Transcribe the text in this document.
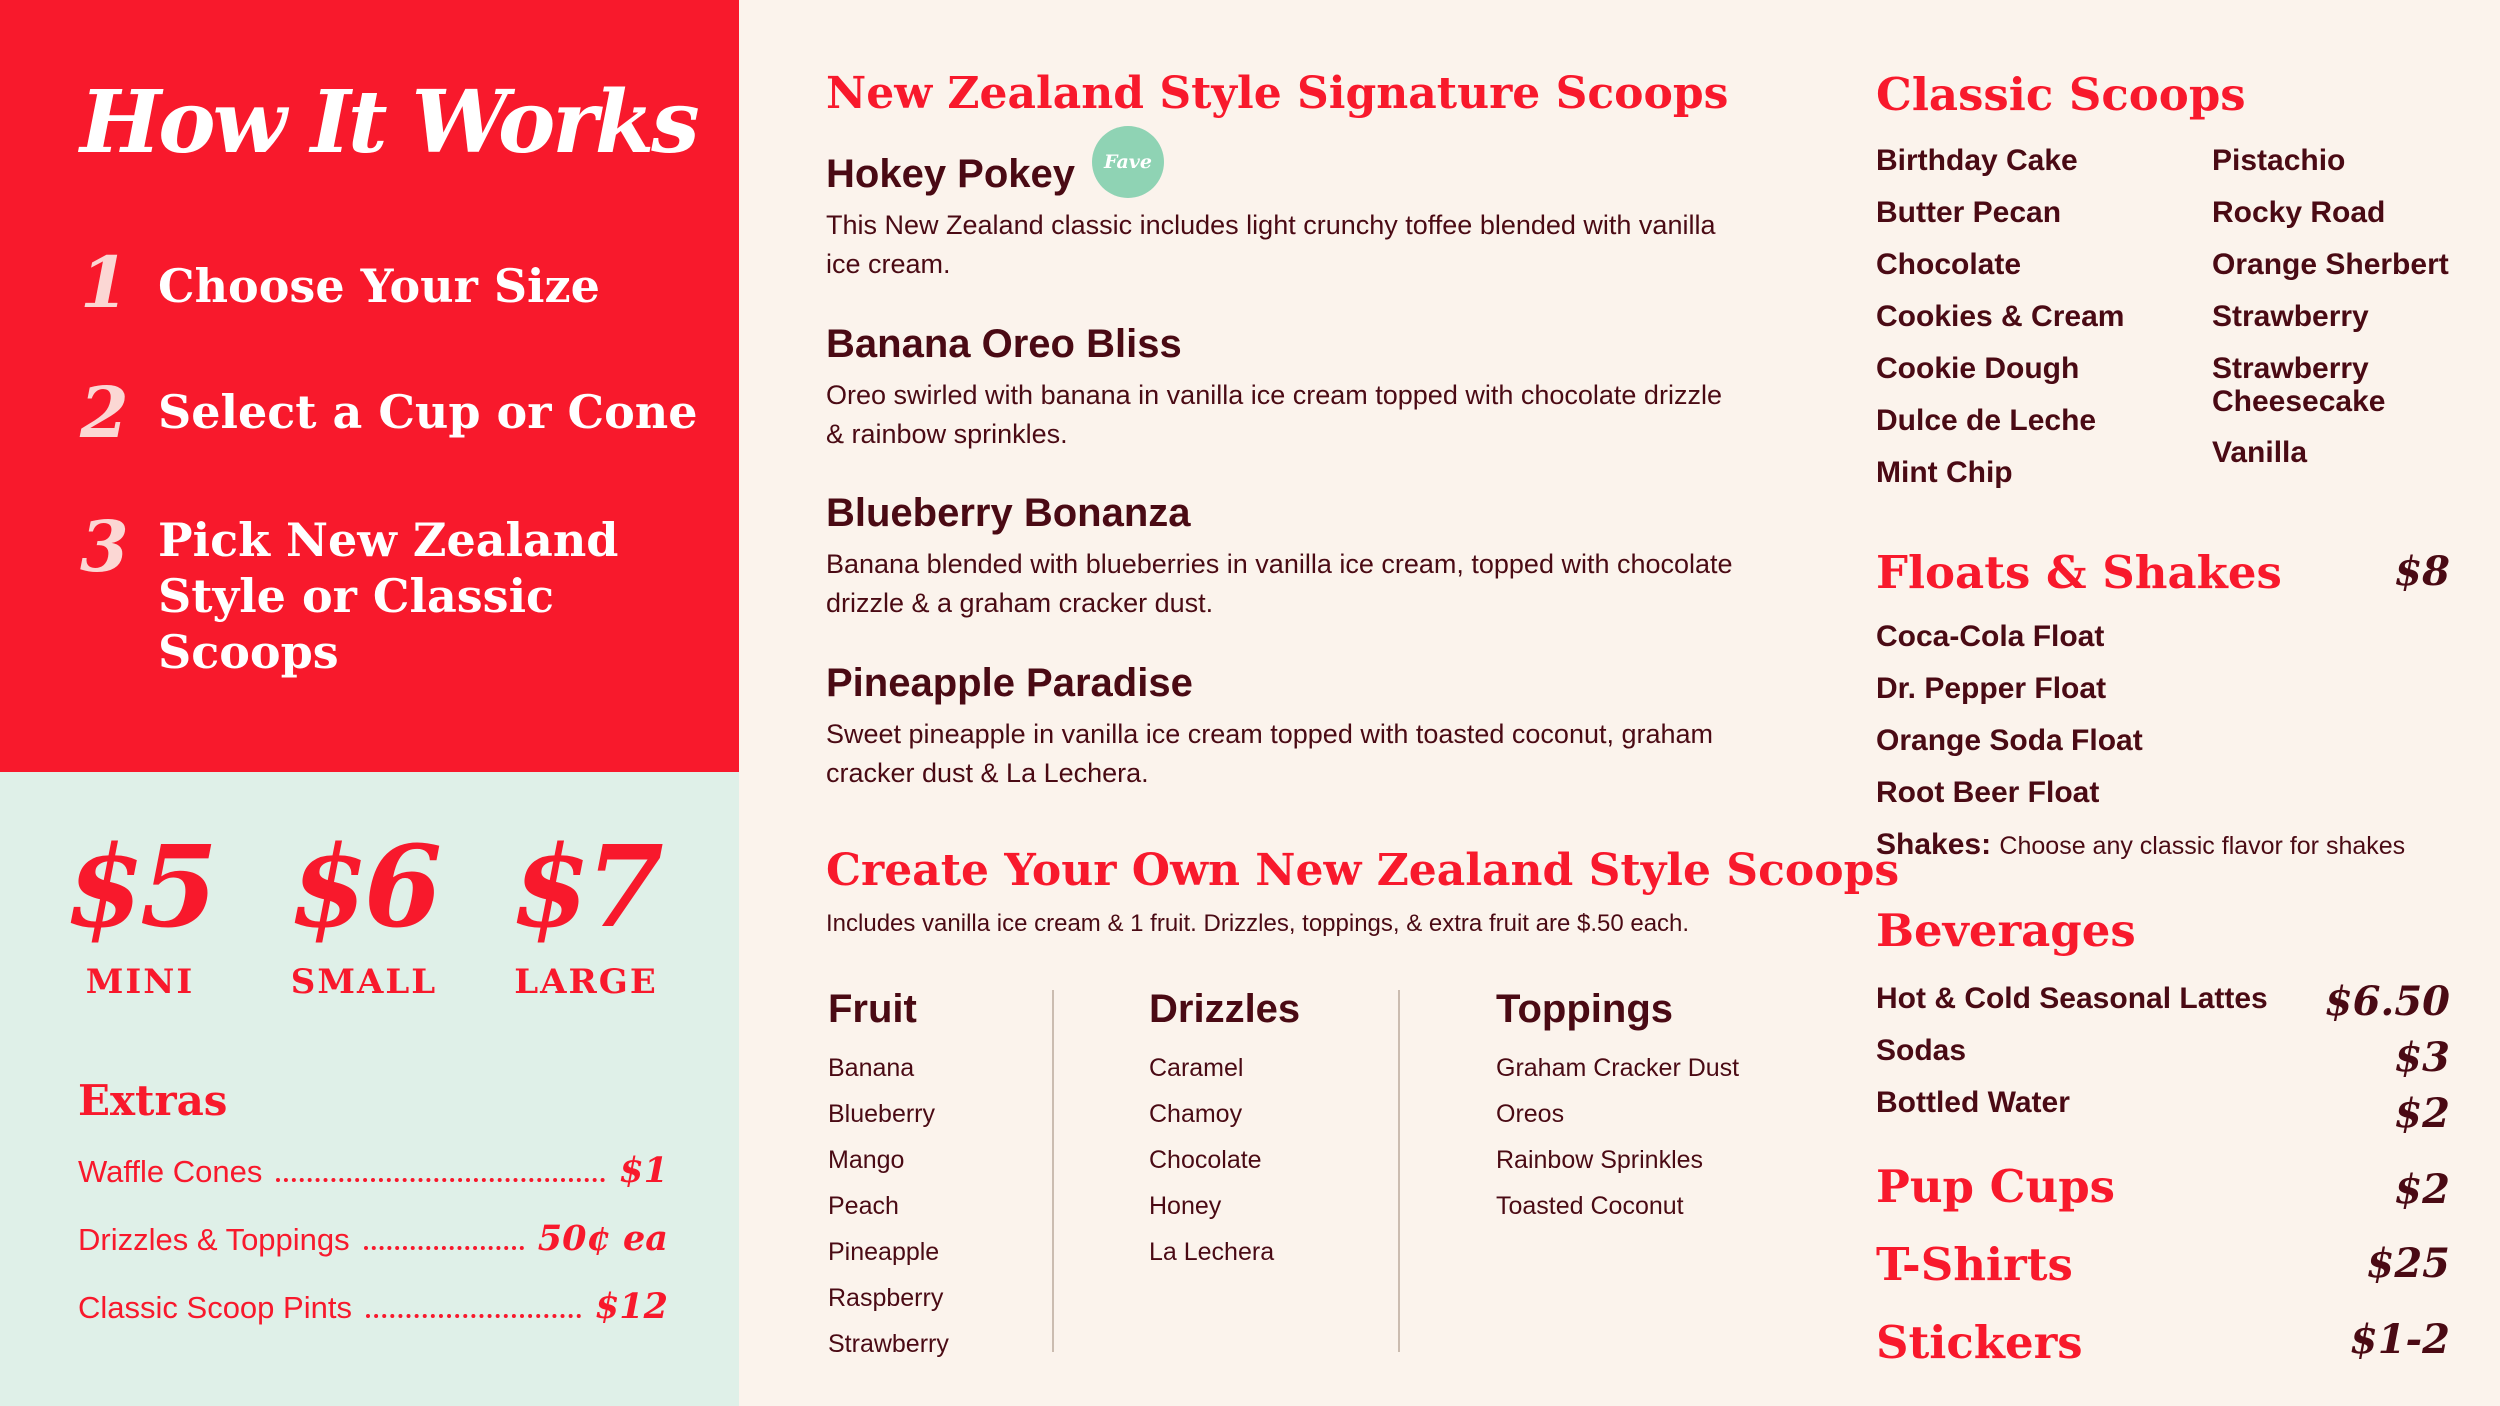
How It Works
1 Choose Your Size
2 Select a Cup or Cone
3 Pick New Zealand Style or Classic Scoops
$5
MINI
$6
SMALL
$7
LARGE
Extras
Waffle Cones	$1
Drizzles & Toppings	50¢ ea
Classic Scoop Pints	$12
New Zealand Style Signature Scoops
Hokey Pokey
This New Zealand classic includes light crunchy toffee blended with vanilla ice cream.
Fave
Banana Oreo Bliss
Oreo swirled with banana in vanilla ice cream topped with chocolate drizzle & rainbow sprinkles.
Blueberry Bonanza
Banana blended with blueberries in vanilla ice cream, topped with chocolate drizzle & a graham cracker dust.
Pineapple Paradise
Sweet pineapple in vanilla ice cream topped with toasted coconut, graham cracker dust & La Lechera.
Create Your Own New Zealand Style Scoops
Includes vanilla ice cream & 1 fruit. Drizzles, toppings, & extra fruit are $.50 each.
Fruit
Banana
Blueberry
Mango
Peach
Pineapple
Raspberry
Strawberry
Drizzles
Caramel
Chamoy
Chocolate
Honey
La Lechera
Toppings
Graham Cracker Dust
Oreos
Rainbow Sprinkles
Toasted Coconut
Classic Scoops
Birthday Cake
Butter Pecan
Chocolate
Cookies & Cream
Cookie Dough
Dulce de Leche
Mint Chip
Pistachio
Rocky Road
Orange Sherbert
Strawberry
Strawberry Cheesecake
Vanilla
Floats & Shakes	$8
Coca-Cola Float
Dr. Pepper Float
Orange Soda Float
Root Beer Float
Shakes: Choose any classic flavor for shakes
Beverages
Hot & Cold Seasonal Lattes $6.50
Sodas	$3
Bottled Water	$2
Pup Cups	$2
T-Shirts	$25
Stickers	$1-2
